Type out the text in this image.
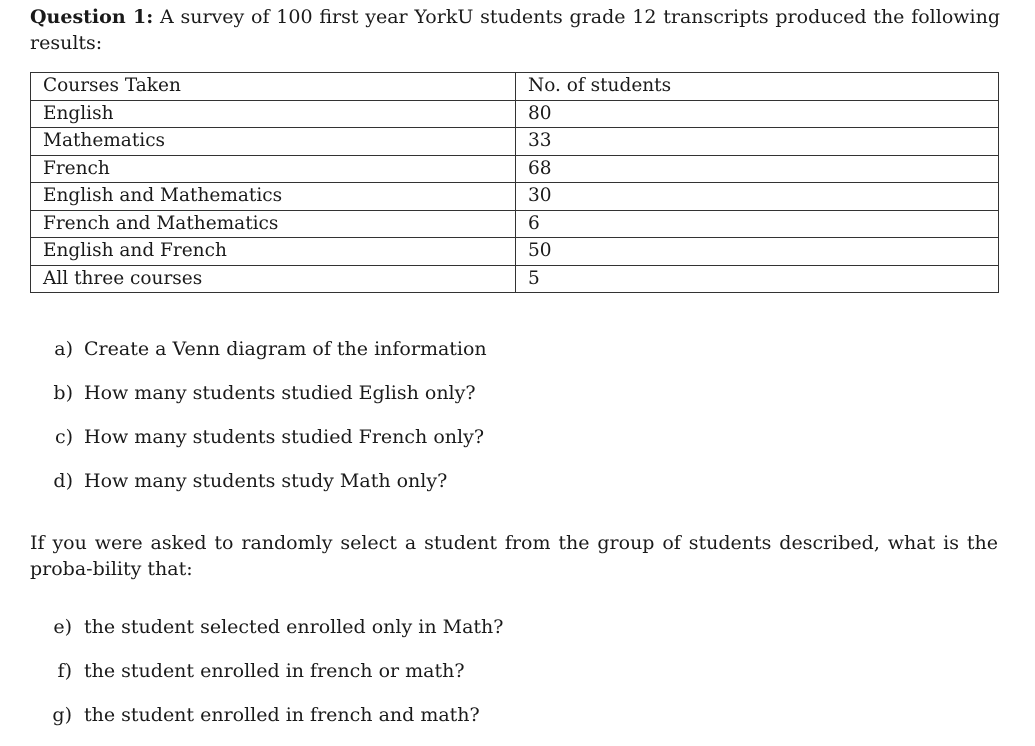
Question 1: A survey of 100 first year YorkU students grade 12 transcripts produced the following results:
Courses Taken	No. of students
English	80
Mathematics	33
French	68
English and Mathematics	30
French and Mathematics	6
English and French	50
All three courses	5
a) Create a Venn diagram of the information
b) How many students studied Eglish only?
c) How many students studied French only?
d) How many students study Math only?
If you were asked to randomly select a student from the group of students described, what is the proba-bility that:
e) the student selected enrolled only in Math?
f) the student enrolled in french or math?
g) the student enrolled in french and math?
